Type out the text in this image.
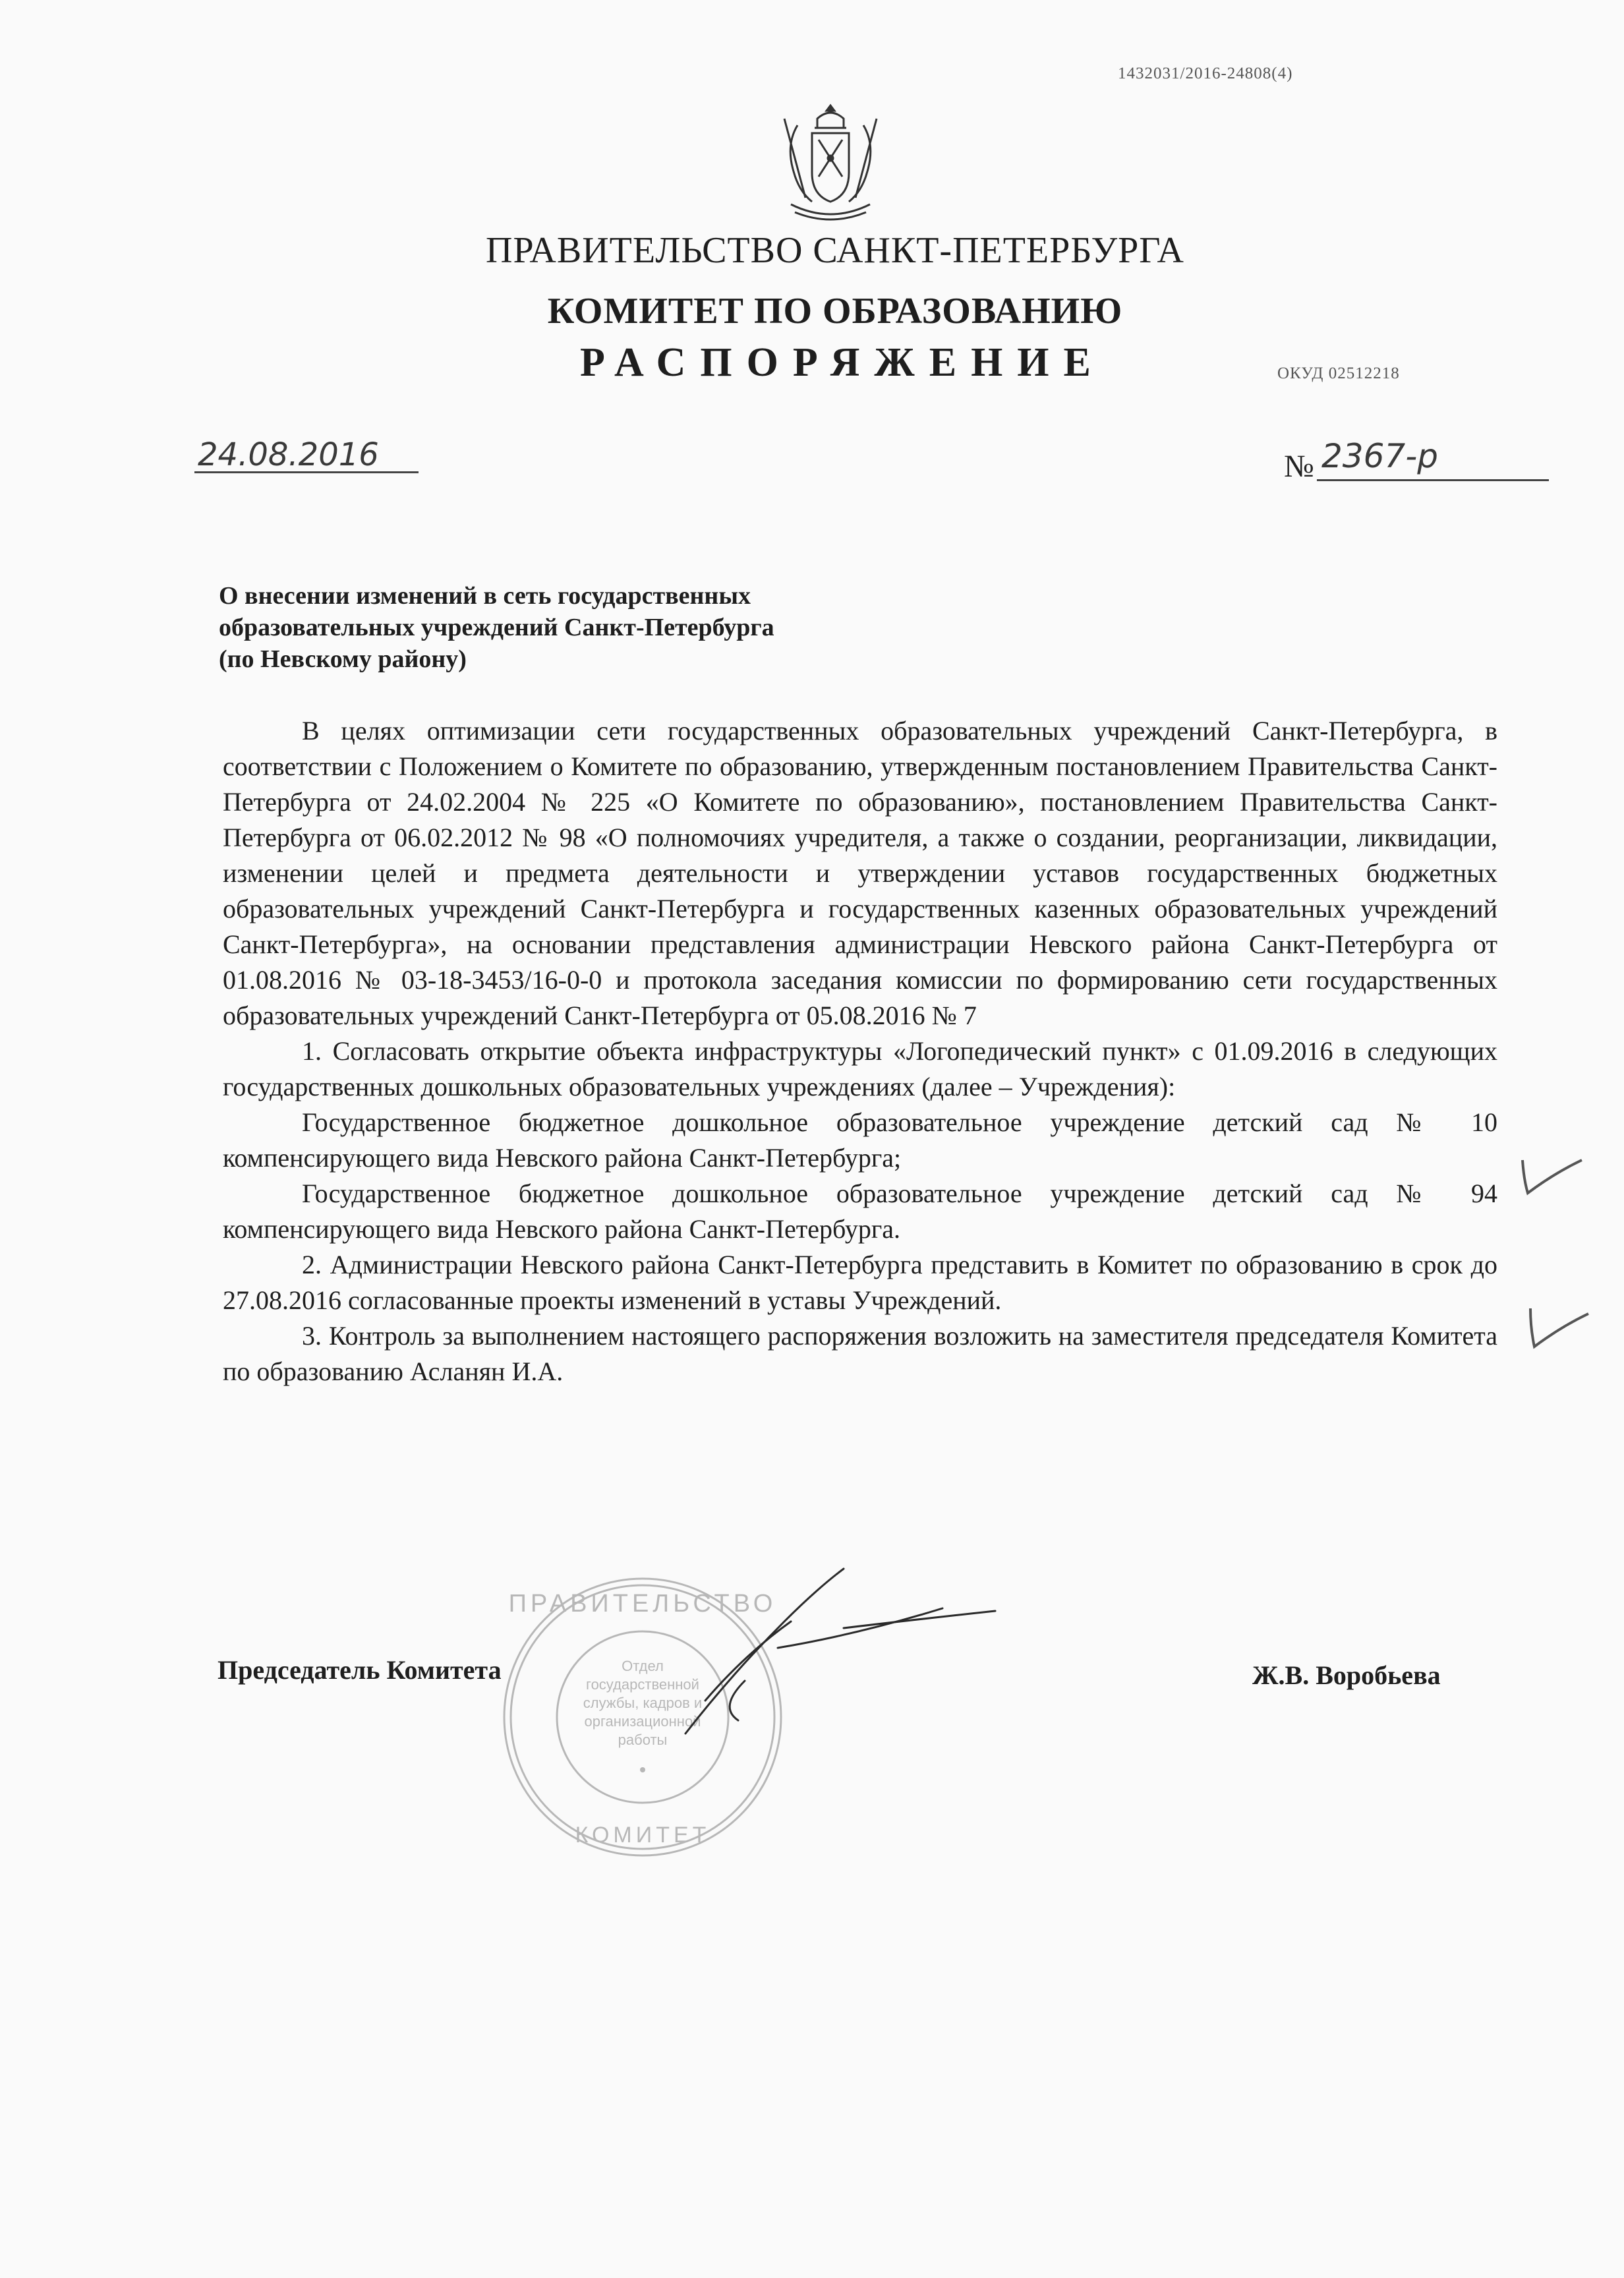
1432031/2016-24808(4)
ПРАВИТЕЛЬСТВО САНКТ-ПЕТЕРБУРГА
КОМИТЕТ ПО ОБРАЗОВАНИЮ
РАСПОРЯЖЕНИЕ	ОКУД 02512218
24.08.2016	№ 2367-р
О внесении изменений в сеть государственных
образовательных учреждений Санкт-Петербурга
(по Невскому району)

В целях оптимизации сети государственных образовательных учреждений Санкт-Петербурга, в соответствии с Положением о Комитете по образованию, утвержденным постановлением Правительства Санкт-Петербурга от 24.02.2004 № 225 «О Комитете по образованию», постановлением Правительства Санкт-Петербурга от 06.02.2012 № 98 «О полномочиях учредителя, а также о создании, реорганизации, ликвидации, изменении целей и предмета деятельности и утверждении уставов государственных бюджетных образовательных учреждений Санкт-Петербурга и государственных казенных образовательных учреждений Санкт-Петербурга», на основании представления администрации Невского района Санкт-Петербурга от 01.08.2016 № 03-18-3453/16-0-0 и протокола заседания комиссии по формированию сети государственных образовательных учреждений Санкт-Петербурга от 05.08.2016 № 7

1. Согласовать открытие объекта инфраструктуры «Логопедический пункт» с 01.09.2016 в следующих государственных дошкольных образовательных учреждениях (далее – Учреждения):

Государственное бюджетное дошкольное образовательное учреждение детский сад № 10 компенсирующего вида Невского района Санкт-Петербурга;

Государственное бюджетное дошкольное образовательное учреждение детский сад № 94 компенсирующего вида Невского района Санкт-Петербурга.

2. Администрации Невского района Санкт-Петербурга представить в Комитет по образованию в срок до 27.08.2016 согласованные проекты изменений в уставы Учреждений.

3. Контроль за выполнением настоящего распоряжения возложить на заместителя председателя Комитета по образованию Асланян И.А.

Отдел
государственной
службы, кадров и
организационной
работы
ПРАВИТЕЛЬСТВО
КОМИТЕТ
Председатель Комитета	Ж.В. Воробьева
